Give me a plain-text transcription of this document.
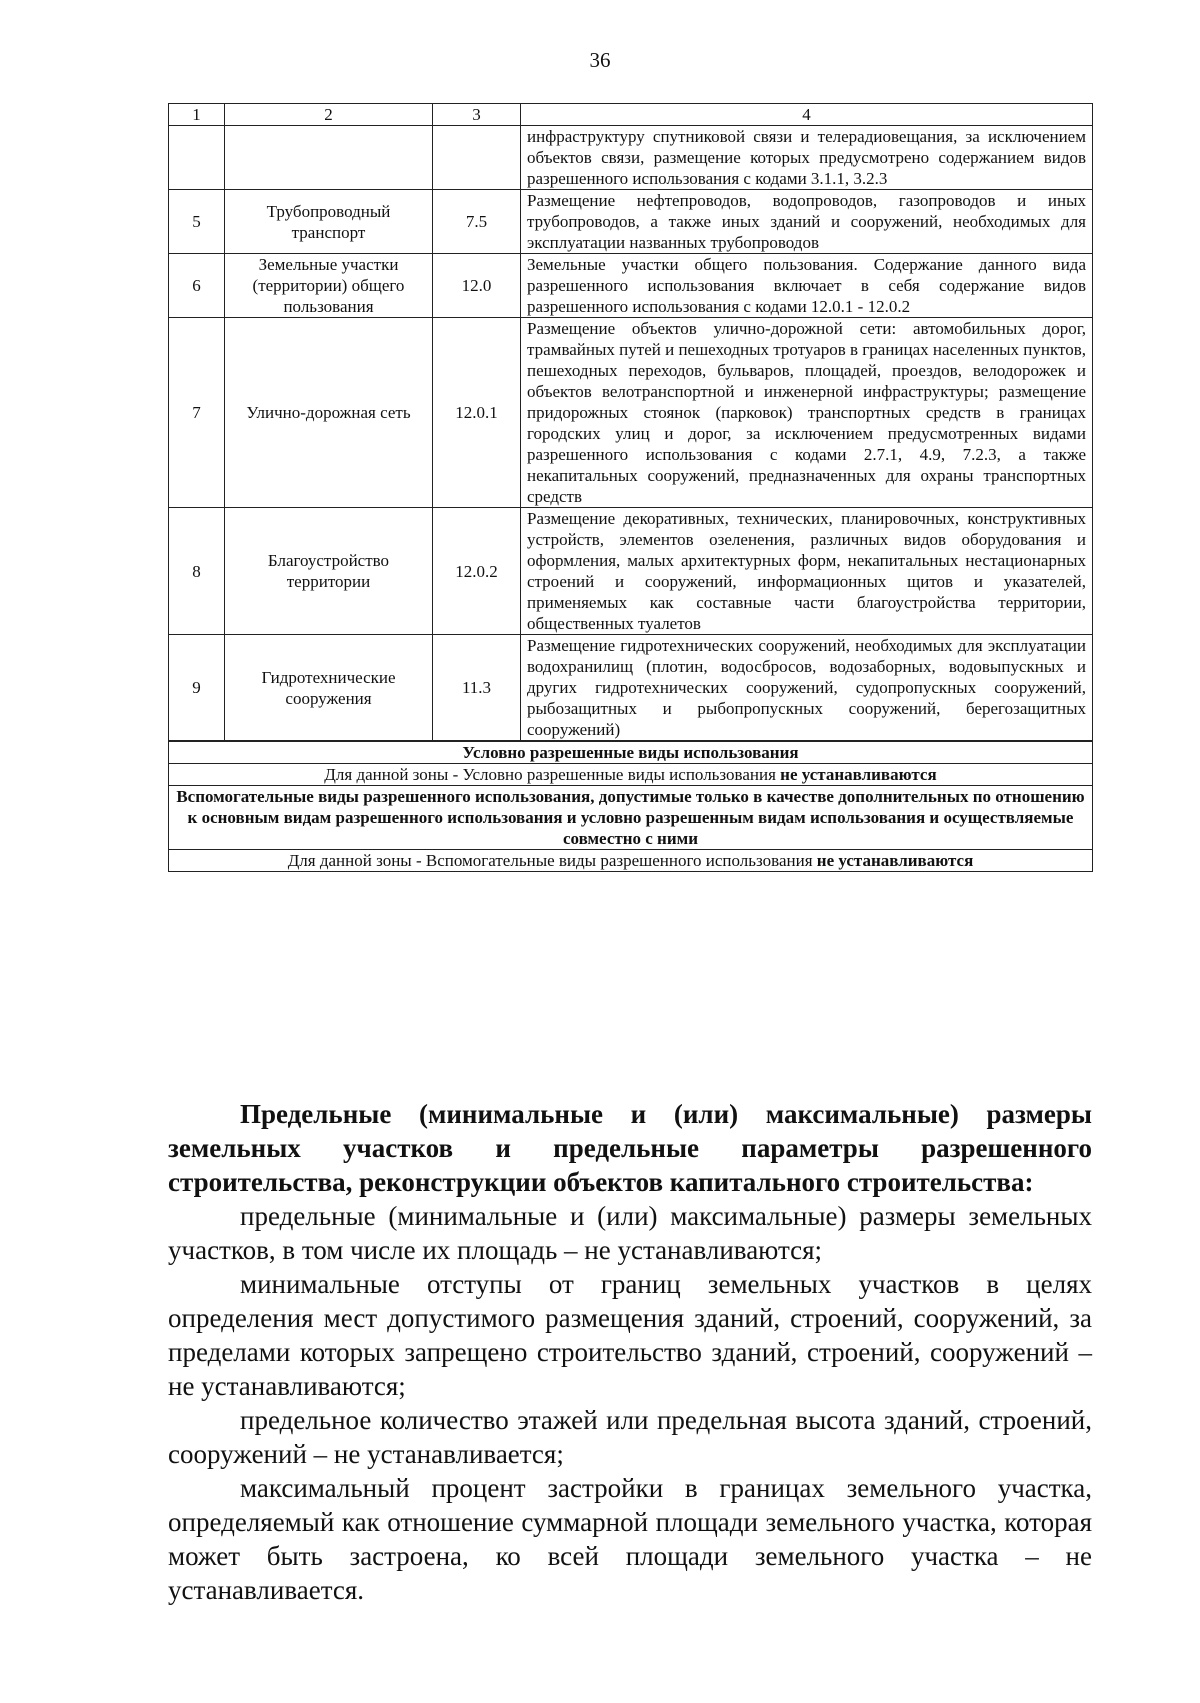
36
1	2	3	4
			инфраструктуру спутниковой связи и телерадиовещания, за исключением объектов связи, размещение которых предусмотрено содержанием видов разрешенного использования с кодами 3.1.1, 3.2.3
5	Трубопроводный транспорт	7.5	Размещение нефтепроводов, водопроводов, газопроводов и иных трубопроводов, а также иных зданий и сооружений, необходимых для эксплуатации названных трубопроводов
6	Земельные участки (территории) общего пользования	12.0	Земельные участки общего пользования. Содержание данного вида разрешенного использования включает в себя содержание видов разрешенного использования с кодами 12.0.1 - 12.0.2
7	Улично-дорожная сеть	12.0.1	Размещение объектов улично-дорожной сети: автомобильных дорог, трамвайных путей и пешеходных тротуаров в границах населенных пунктов, пешеходных переходов, бульваров, площадей, проездов, велодорожек и объектов велотранспортной и инженерной инфраструктуры; размещение придорожных стоянок (парковок) транспортных средств в границах городских улиц и дорог, за исключением предусмотренных видами разрешенного использования с кодами 2.7.1, 4.9, 7.2.3, а также некапитальных сооружений, предназначенных для охраны транспортных средств
8	Благоустройство территории	12.0.2	Размещение декоративных, технических, планировочных, конструктивных устройств, элементов озеленения, различных видов оборудования и оформления, малых архитектурных форм, некапитальных нестационарных строений и сооружений, информационных щитов и указателей, применяемых как составные части благоустройства территории, общественных туалетов
9	Гидротехнические сооружения	11.3	Размещение гидротехнических сооружений, необходимых для эксплуатации водохранилищ (плотин, водосбросов, водозаборных, водовыпускных и других гидротехнических сооружений, судопропускных сооружений, рыбозащитных и рыбопропускных сооружений, берегозащитных сооружений)

Условно разрешенные виды использования			
Для данной зоны - Условно разрешенные виды использования не устанавливаются			
Вспомогательные виды разрешенного использования, допустимые только в качестве дополнительных по отношению к основным видам разрешенного использования и условно разрешенным видам использования и осуществляемые совместно с ними			
Для данной зоны - Вспомогательные виды разрешенного использования не устанавливаются			
Предельные (минимальные и (или) максимальные) размеры земельных участков и предельные параметры разрешенного строительства, реконструкции объектов капитального строительства:

предельные (минимальные и (или) максимальные) размеры земельных участков, в том числе их площадь – не устанавливаются;

минимальные отступы от границ земельных участков в целях определения мест допустимого размещения зданий, строений, сооружений, за пределами которых запрещено строительство зданий, строений, сооружений – не устанавливаются;

предельное количество этажей или предельная высота зданий, строений, сооружений – не устанавливается;

максимальный процент застройки в границах земельного участка, определяемый как отношение суммарной площади земельного участка, которая может быть застроена, ко всей площади земельного участка – не устанавливается.
